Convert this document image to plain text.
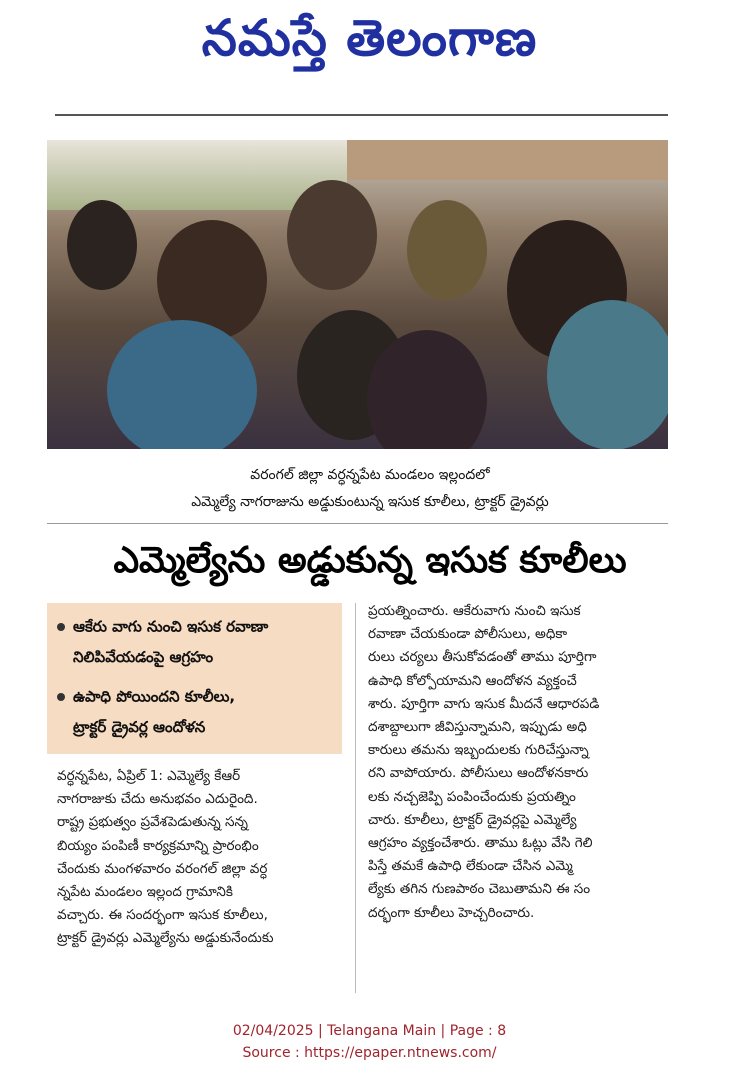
నమస్తే తెలంగాణ
వరంగల్ జిల్లా వర్ధన్నపేట మండలం ఇల్లందలో
ఎమ్మెల్యే నాగరాజును అడ్డుకుంటున్న ఇసుక కూలీలు, ట్రాక్టర్ డ్రైవర్లు
ఎమ్మెల్యేను అడ్డుకున్న ఇసుక కూలీలు
ఆకేరు వాగు నుంచి ఇసుక రవాణా
నిలిపివేయడంపై ఆగ్రహం
ఉపాధి పోయిందని కూలీలు,
ట్రాక్టర్ డ్రైవర్ల ఆందోళన
వర్ధన్నపేట, ఏప్రిల్ 1: ఎమ్మెల్యే కేఆర్
నాగరాజుకు చేదు అనుభవం ఎదురైంది.
రాష్ట్ర ప్రభుత్వం ప్రవేశపెడుతున్న సన్న
బియ్యం పంపిణీ కార్యక్రమాన్ని ప్రారంభిం
చేందుకు మంగళవారం వరంగల్ జిల్లా వర్ధ
న్నపేట మండలం ఇల్లంద గ్రామానికి
వచ్చారు. ఈ సందర్భంగా ఇసుక కూలీలు,
ట్రాక్టర్ డ్రైవర్లు ఎమ్మెల్యేను అడ్డుకునేందుకు
ప్రయత్నించారు. ఆకేరువాగు నుంచి ఇసుక
రవాణా చేయకుండా పోలీసులు, అధికా
రులు చర్యలు తీసుకోవడంతో తాము పూర్తిగా
ఉపాధి కోల్పోయామని ఆందోళన వ్యక్తంచే
శారు. పూర్తిగా వాగు ఇసుక మీదనే ఆధారపడి
దశాబ్దాలుగా జీవిస్తున్నామని, ఇప్పుడు అధి
కారులు తమను ఇబ్బందులకు గురిచేస్తున్నా
రని వాపోయారు. పోలీసులు ఆందోళనకారు
లకు నచ్చజెప్పి పంపించేందుకు ప్రయత్నిం
చారు. కూలీలు, ట్రాక్టర్ డ్రైవర్లపై ఎమ్మెల్యే
ఆగ్రహం వ్యక్తంచేశారు. తాము ఓట్లు వేసి గెలి
పిస్తే తమకే ఉపాధి లేకుండా చేసిన ఎమ్మె
ల్యేకు తగిన గుణపాఠం చెబుతామని ఈ సం
దర్భంగా కూలీలు హెచ్చరించారు.
02/04/2025 | Telangana Main | Page : 8
Source : https://epaper.ntnews.com/
